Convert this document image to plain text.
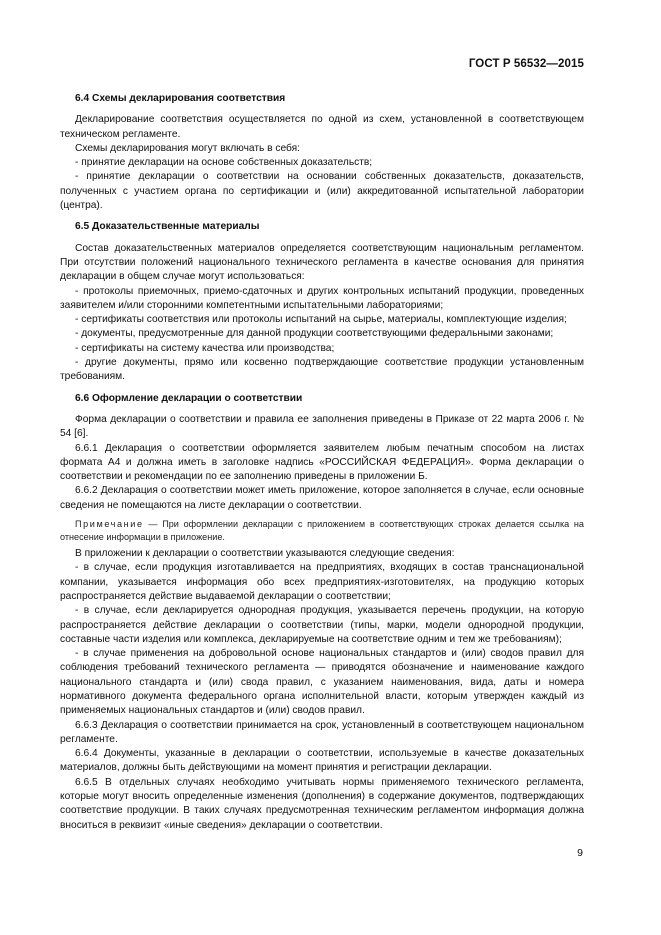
ГОСТ Р 56532—2015
6.4 Схемы декларирования соответствия

Декларирование соответствия осуществляется по одной из схем, установленной в соответствующем техническом регламенте.

Схемы декларирования могут включать в себя:

- принятие декларации на основе собственных доказательств;

- принятие декларации о соответствии на основании собственных доказательств, доказательств, полученных с участием органа по сертификации и (или) аккредитованной испытательной лаборатории (центра).

6.5 Доказательственные материалы

Состав доказательственных материалов определяется соответствующим национальным регламентом. При отсутствии положений национального технического регламента в качестве основания для принятия декларации в общем случае могут использоваться:

- протоколы приемочных, приемо-сдаточных и других контрольных испытаний продукции, проведенных заявителем и/или сторонними компетентными испытательными лабораториями;

- сертификаты соответствия или протоколы испытаний на сырье, материалы, комплектующие изделия;

- документы, предусмотренные для данной продукции соответствующими федеральными законами;

- сертификаты на систему качества или производства;

- другие документы, прямо или косвенно подтверждающие соответствие продукции установленным требованиям.

6.6 Оформление декларации о соответствии

Форма декларации о соответствии и правила ее заполнения приведены в Приказе от 22 марта 2006 г. № 54 [6].

6.6.1 Декларация о соответствии оформляется заявителем любым печатным способом на листах формата А4 и должна иметь в заголовке надпись «РОССИЙСКАЯ ФЕДЕРАЦИЯ». Форма декларации о соответствии и рекомендации по ее заполнению приведены в приложении Б.

6.6.2 Декларация о соответствии может иметь приложение, которое заполняется в случае, если основные сведения не помещаются на листе декларации о соответствии.

Примечание — При оформлении декларации с приложением в соответствующих строках делается ссылка на отнесение информации в приложение.

В приложении к декларации о соответствии указываются следующие сведения:

- в случае, если продукция изготавливается на предприятиях, входящих в состав транснациональной компании, указывается информация обо всех предприятиях-изготовителях, на продукцию которых распространяется действие выдаваемой декларации о соответствии;

- в случае, если декларируется однородная продукция, указывается перечень продукции, на которую распространяется действие декларации о соответствии (типы, марки, модели однородной продукции, составные части изделия или комплекса, декларируемые на соответствие одним и тем же требованиям);

- в случае применения на добровольной основе национальных стандартов и (или) сводов правил для соблюдения требований технического регламента — приводятся обозначение и наименование каждого национального стандарта и (или) свода правил, с указанием наименования, вида, даты и номера нормативного документа федерального органа исполнительной власти, которым утвержден каждый из применяемых национальных стандартов и (или) сводов правил.

6.6.3 Декларация о соответствии принимается на срок, установленный в соответствующем национальном регламенте.

6.6.4 Документы, указанные в декларации о соответствии, используемые в качестве доказательных материалов, должны быть действующими на момент принятия и регистрации декларации.

6.6.5 В отдельных случаях необходимо учитывать нормы применяемого технического регламента, которые могут вносить определенные изменения (дополнения) в содержание документов, подтверждaющих соответствие продукции. В таких случаях предусмотренная техническим регламентом информация должна вноситься в реквизит «иные сведения» декларации о соответствии.

9
